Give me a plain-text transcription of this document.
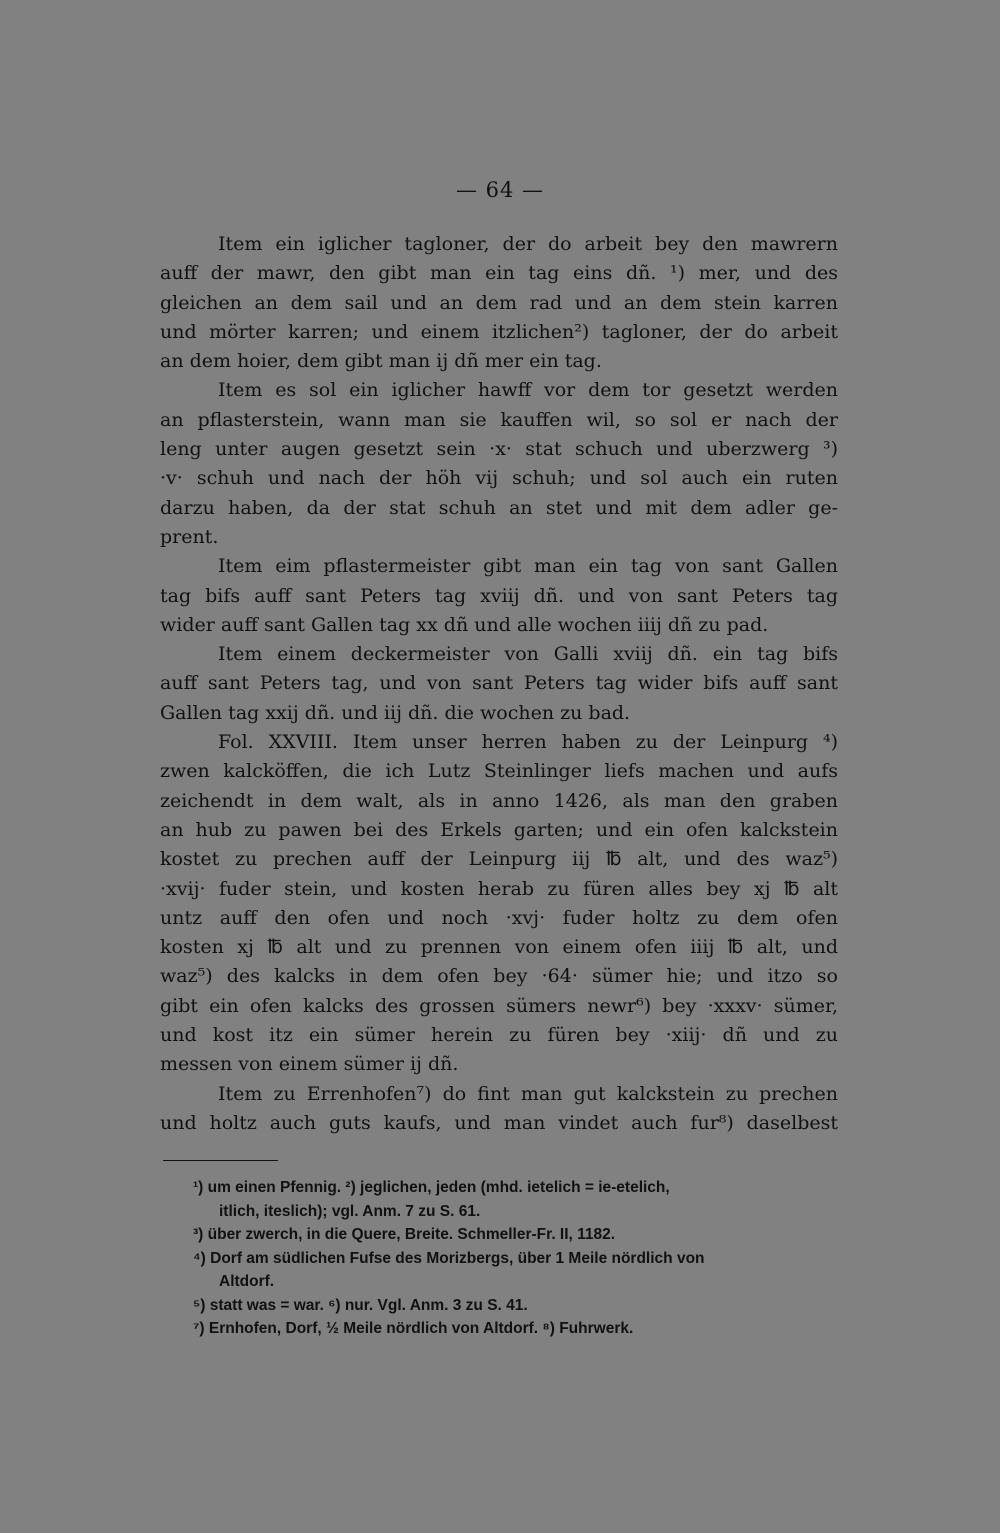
— 64 —
Item ein iglicher tagloner, der do arbeit bey den mawrern
auff der mawr, den gibt man ein tag eins dñ. ¹) mer, und des
gleichen an dem sail und an dem rad und an dem stein karren
und mörter karren; und einem itzlichen²) tagloner, der do arbeit
an dem hoier, dem gibt man ij dñ mer ein tag.
Item es sol ein iglicher hawff vor dem tor gesetzt werden
an pflasterstein, wann man sie kauffen wil, so sol er nach der
leng unter augen gesetzt sein ·x· stat schuch und uberzwerg ³)
·v· schuh und nach der höh vij schuh; und sol auch ein ruten
darzu haben, da der stat schuh an stet und mit dem adler ge-
prent.
Item eim pflastermeister gibt man ein tag von sant Gallen
tag bifs auff sant Peters tag xviij dñ. und von sant Peters tag
wider auff sant Gallen tag xx dñ und alle wochen iiij dñ zu pad.
Item einem deckermeister von Galli xviij dñ. ein tag bifs
auff sant Peters tag, und von sant Peters tag wider bifs auff sant
Gallen tag xxij dñ. und iij dñ. die wochen zu bad.
Fol. XXVIII. Item unser herren haben zu der Leinpurg ⁴)
zwen kalcköffen, die ich Lutz Steinlinger liefs machen und aufs
zeichendt in dem walt, als in anno 1426, als man den graben
an hub zu pawen bei des Erkels garten; und ein ofen kalckstein
kostet zu prechen auff der Leinpurg iij ℔ alt, und des waz⁵)
·xvij· fuder stein, und kosten herab zu füren alles bey xj ℔ alt
untz auff den ofen und noch ·xvj· fuder holtz zu dem ofen
kosten xj ℔ alt und zu prennen von einem ofen iiij ℔ alt, und
waz⁵) des kalcks in dem ofen bey ·64· sümer hie; und itzo so
gibt ein ofen kalcks des grossen sümers newr⁶) bey ·xxxv· sümer,
und kost itz ein sümer herein zu füren bey ·xiij· dñ und zu
messen von einem sümer ij dñ.
Item zu Errenhofen⁷) do fint man gut kalckstein zu prechen
und holtz auch guts kaufs, und man vindet auch fur⁸) daselbest
¹) um einen Pfennig. ²) jeglichen, jeden (mhd. ietelich = ie-etelich,
itlich, iteslich); vgl. Anm. 7 zu S. 61.
³) über zwerch, in die Quere, Breite. Schmeller-Fr. II, 1182.
⁴) Dorf am südlichen Fufse des Morizbergs, über 1 Meile nördlich von
Altdorf.
⁵) statt was = war. ⁶) nur. Vgl. Anm. 3 zu S. 41.
⁷) Ernhofen, Dorf, ½ Meile nördlich von Altdorf. ⁸) Fuhrwerk.
